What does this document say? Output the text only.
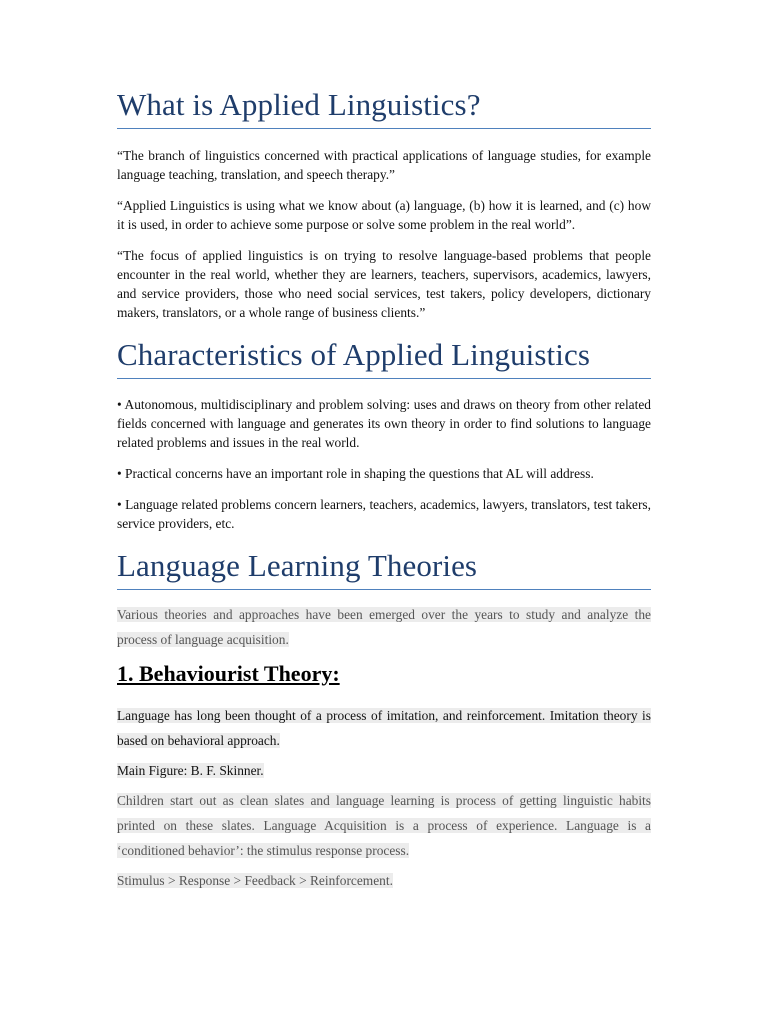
What is Applied Linguistics?

“The branch of linguistics concerned with practical applications of language studies, for example language teaching, translation, and speech therapy.”

“Applied Linguistics is using what we know about (a) language, (b) how it is learned, and (c) how it is used, in order to achieve some purpose or solve some problem in the real world”.

“The focus of applied linguistics is on trying to resolve language-based problems that people encounter in the real world, whether they are learners, teachers, supervisors, academics, lawyers, and service providers, those who need social services, test takers, policy developers, dictionary makers, translators, or a whole range of business clients.”

Characteristics of Applied Linguistics

• Autonomous, multidisciplinary and problem solving: uses and draws on theory from other related fields concerned with language and generates its own theory in order to find solutions to language related problems and issues in the real world.

• Practical concerns have an important role in shaping the questions that AL will address.

• Language related problems concern learners, teachers, academics, lawyers, translators, test takers, service providers, etc.

Language Learning Theories

Various theories and approaches have been emerged over the years to study and analyze the process of language acquisition.

1. Behaviourist Theory:

Language has long been thought of a process of imitation, and reinforcement. Imitation theory is based on behavioral approach.

Main Figure: B. F. Skinner.

Children start out as clean slates and language learning is process of getting linguistic habits printed on these slates. Language Acquisition is a process of experience. Language is a ‘conditioned behavior’: the stimulus response process.

Stimulus > Response > Feedback > Reinforcement.
